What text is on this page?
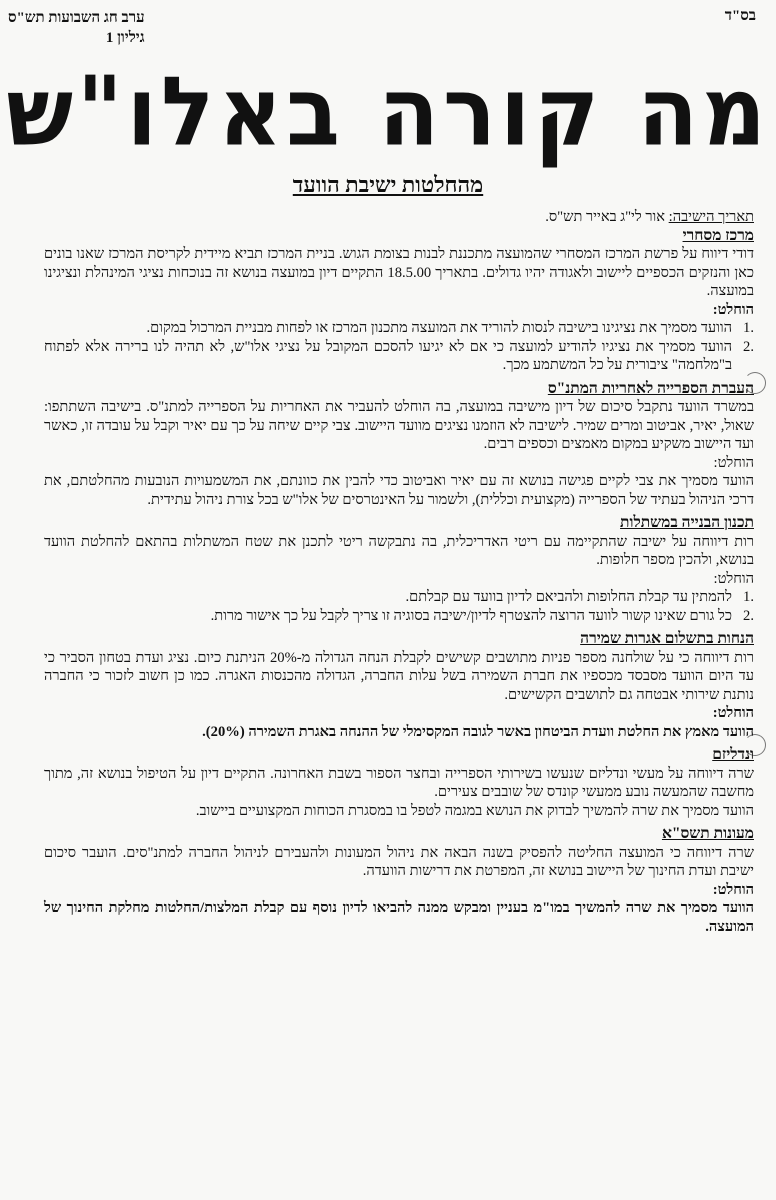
בס"ד
ערב חג השבועות תש"ס
גיליון 1
מה קורה באלו"ש
מהחלטות ישיבת הוועד
תאריך הישיבה: אור לי"ג באייר תש"ס.
מרכז מסחרי
דודי דיווח על פרשת המרכז המסחרי שהמועצה מתכננת לבנות בצומת הגוש. בניית המרכז תביא מיידית לקריסת המרכז שאנו בונים כאן והנזקים הכספיים ליישוב ולאגודה יהיו גדולים. בתאריך 18.5.00 התקיים דיון במועצה בנושא זה בנוכחות נציגי המינהלת ונציגינו במועצה.
הוחלט:
.1
הוועד מסמיך את נציגינו בישיבה לנסות להוריד את המועצה מתכנון המרכז או לפחות מבניית המרכול במקום.
.2
הוועד מסמיך את נציגיו להודיע למועצה כי אם לא יגיעו להסכם המקובל על נציגי אלו"ש, לא תהיה לנו ברירה אלא לפתוח ב"מלחמה" ציבורית על כל המשתמע מכך.
העברת הספרייה לאחריות המתנ"ס
במשרד הוועד נתקבל סיכום של דיון מישיבה במועצה, בה הוחלט להעביר את האחריות על הספרייה למתנ"ס. בישיבה השתתפו: שאול, יאיר, אביטוב ומרים שמיר. לישיבה לא הוזמנו נציגים מוועד היישוב. צבי קיים שיחה על כך עם יאיר וקבל על עובדה זו, כאשר ועד היישוב משקיע במקום מאמצים וכספים רבים.
הוחלט:
הוועד מסמיך את צבי לקיים פגישה בנושא זה עם יאיר ואביטוב כדי להבין את כוונתם, את המשמעויות הנובעות מהחלטתם, את דרכי הניהול בעתיד של הספרייה (מקצועית וכללית), ולשמור על האינטרסים של אלו"ש בכל צורת ניהול עתידית.
תכנון הבנייה במשתלות
רות דיווחה על ישיבה שהתקיימה עם ריטי האדריכלית, בה נתבקשה ריטי לתכנן את שטח המשתלות בהתאם להחלטת הוועד בנושא, ולהכין מספר חלופות.
הוחלט:
.1
להמתין עד קבלת החלופות ולהביאם לדיון בוועד עם קבלתם.
.2
כל גורם שאינו קשור לוועד הרוצה להצטרף לדיון/ישיבה בסוגיה זו צריך לקבל על כך אישור מרות.
הנחות בתשלום אגרות שמירה
רות דיווחה כי על שולחנה מספר פניות מתושבים קשישים לקבלת הנחה הגדולה מ-20% הניתנת כיום. נציג ועדת בטחון הסביר כי עד היום הוועד מסבסד מכספיו את חברת השמירה בשל עלות החברה, הגדולה מהכנסות האגרה. כמו כן חשוב לזכור כי החברה נותנת שירותי אבטחה גם לתושבים הקשישים.
הוחלט:
הוועד מאמץ את החלטת וועדת הביטחון באשר לגובה המקסימלי של ההנחה באגרת השמירה (20%).
ונדליזם
שרה דיווחה על מעשי ונדליזם שנעשו בשירותי הספרייה ובחצר הספור בשבת האחרונה. התקיים דיון על הטיפול בנושא זה, מתוך מחשבה שהמעשה נובע ממעשי קונדס של שובבים צעירים.
הוועד מסמיך את שרה להמשיך לבדוק את הנושא במגמה לטפל בו במסגרת הכוחות המקצועיים ביישוב.
מעונות תשס"א
שרה דיווחה כי המועצה החליטה להפסיק בשנה הבאה את ניהול המעונות ולהעבירם לניהול החברה למתנ"סים. הועבר סיכום ישיבת ועדת החינוך של היישוב בנושא זה, המפרטת את דרישות הוועדה.
הוחלט:
הוועד מסמיך את שרה להמשיך במו"מ בעניין ומבקש ממנה להביאו לדיון נוסף עם קבלת המלצות/החלטות מחלקת החינוך של המועצה.
